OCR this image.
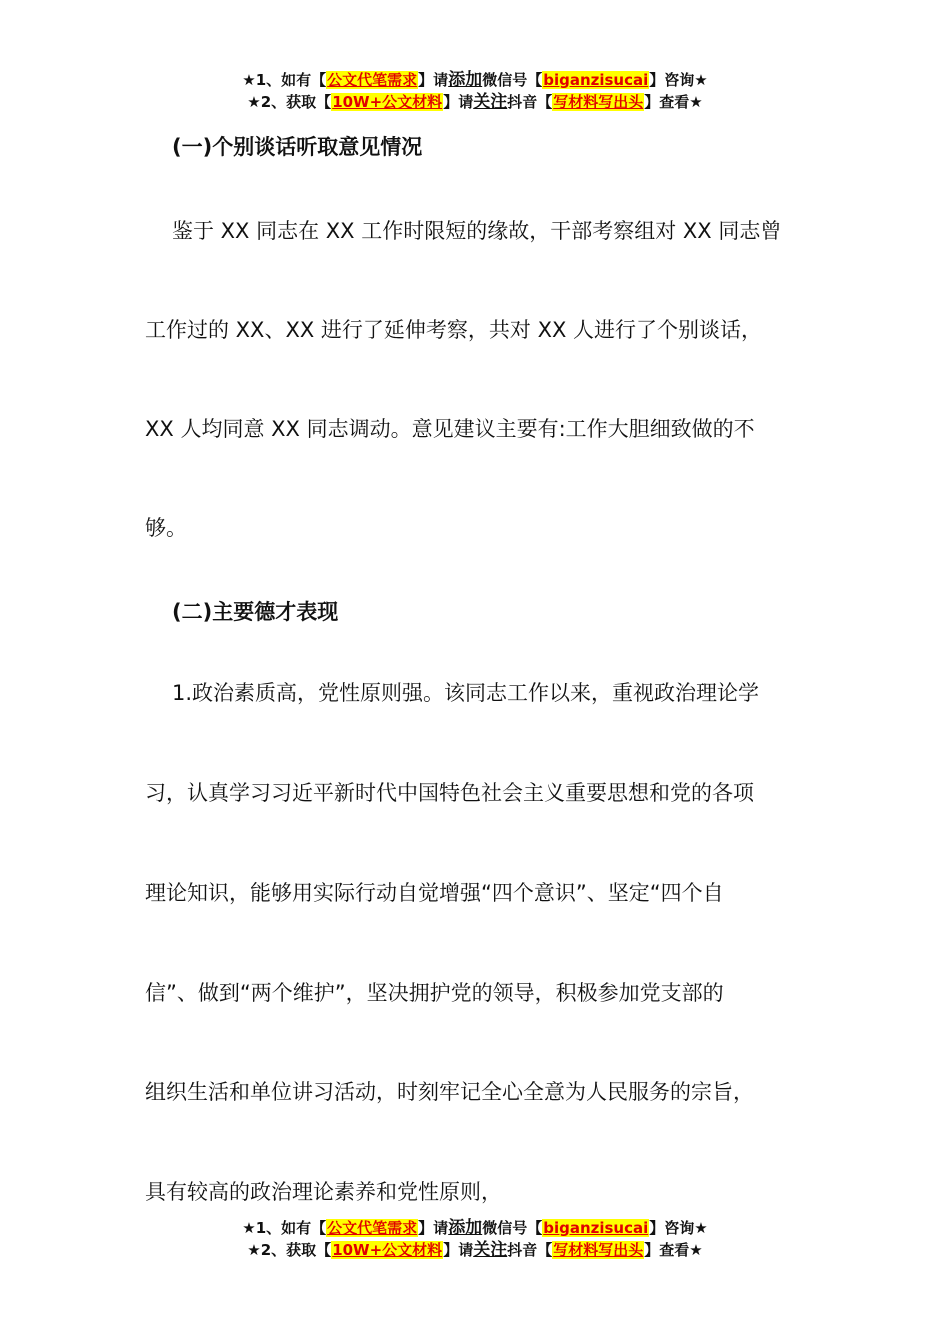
★1、如有【公文代笔需求】请添加微信号【biganzisucai】咨询★
★2、获取【10W+公文材料】请关注抖音【写材料写出头】查看★
(一)个别谈话听取意见情况
鉴于 XX 同志在 XX 工作时限短的缘故，干部考察组对 XX 同志曾
工作过的 XX、XX 进行了延伸考察，共对 XX 人进行了个别谈话，
XX 人均同意 XX 同志调动。意见建议主要有:工作大胆细致做的不
够。
(二)主要德才表现
1.政治素质高，党性原则强。该同志工作以来，重视政治理论学
习，认真学习习近平新时代中国特色社会主义重要思想和党的各项
理论知识，能够用实际行动自觉增强“四个意识”、坚定“四个自
信”、做到“两个维护”，坚决拥护党的领导，积极参加党支部的
组织生活和单位讲习活动，时刻牢记全心全意为人民服务的宗旨，
具有较高的政治理论素养和党性原则，
★1、如有【公文代笔需求】请添加微信号【biganzisucai】咨询★
★2、获取【10W+公文材料】请关注抖音【写材料写出头】查看★
